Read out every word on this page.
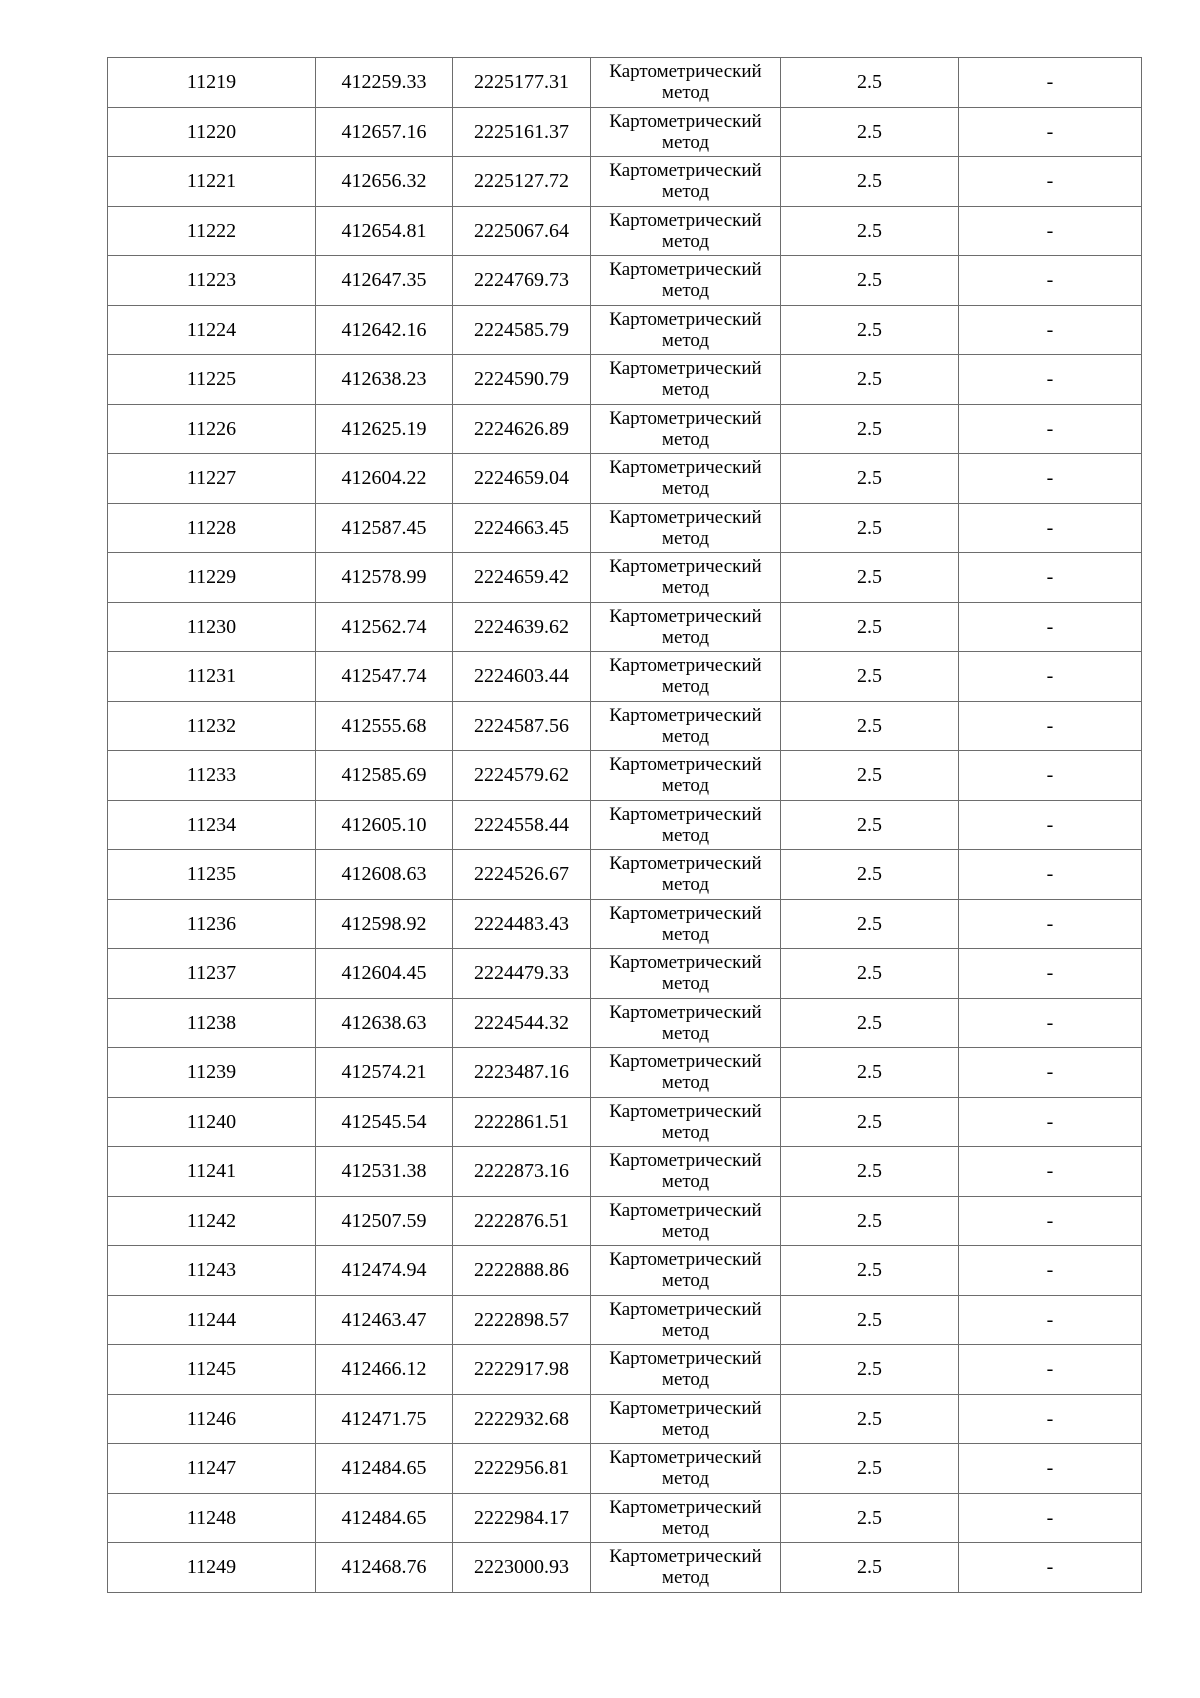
11219	412259.33	2225177.31	Картометрический метод	2.5	-
11220	412657.16	2225161.37	Картометрический метод	2.5	-
11221	412656.32	2225127.72	Картометрический метод	2.5	-
11222	412654.81	2225067.64	Картометрический метод	2.5	-
11223	412647.35	2224769.73	Картометрический метод	2.5	-
11224	412642.16	2224585.79	Картометрический метод	2.5	-
11225	412638.23	2224590.79	Картометрический метод	2.5	-
11226	412625.19	2224626.89	Картометрический метод	2.5	-
11227	412604.22	2224659.04	Картометрический метод	2.5	-
11228	412587.45	2224663.45	Картометрический метод	2.5	-
11229	412578.99	2224659.42	Картометрический метод	2.5	-
11230	412562.74	2224639.62	Картометрический метод	2.5	-
11231	412547.74	2224603.44	Картометрический метод	2.5	-
11232	412555.68	2224587.56	Картометрический метод	2.5	-
11233	412585.69	2224579.62	Картометрический метод	2.5	-
11234	412605.10	2224558.44	Картометрический метод	2.5	-
11235	412608.63	2224526.67	Картометрический метод	2.5	-
11236	412598.92	2224483.43	Картометрический метод	2.5	-
11237	412604.45	2224479.33	Картометрический метод	2.5	-
11238	412638.63	2224544.32	Картометрический метод	2.5	-
11239	412574.21	2223487.16	Картометрический метод	2.5	-
11240	412545.54	2222861.51	Картометрический метод	2.5	-
11241	412531.38	2222873.16	Картометрический метод	2.5	-
11242	412507.59	2222876.51	Картометрический метод	2.5	-
11243	412474.94	2222888.86	Картометрический метод	2.5	-
11244	412463.47	2222898.57	Картометрический метод	2.5	-
11245	412466.12	2222917.98	Картометрический метод	2.5	-
11246	412471.75	2222932.68	Картометрический метод	2.5	-
11247	412484.65	2222956.81	Картометрический метод	2.5	-
11248	412484.65	2222984.17	Картометрический метод	2.5	-
11249	412468.76	2223000.93	Картометрический метод	2.5	-
